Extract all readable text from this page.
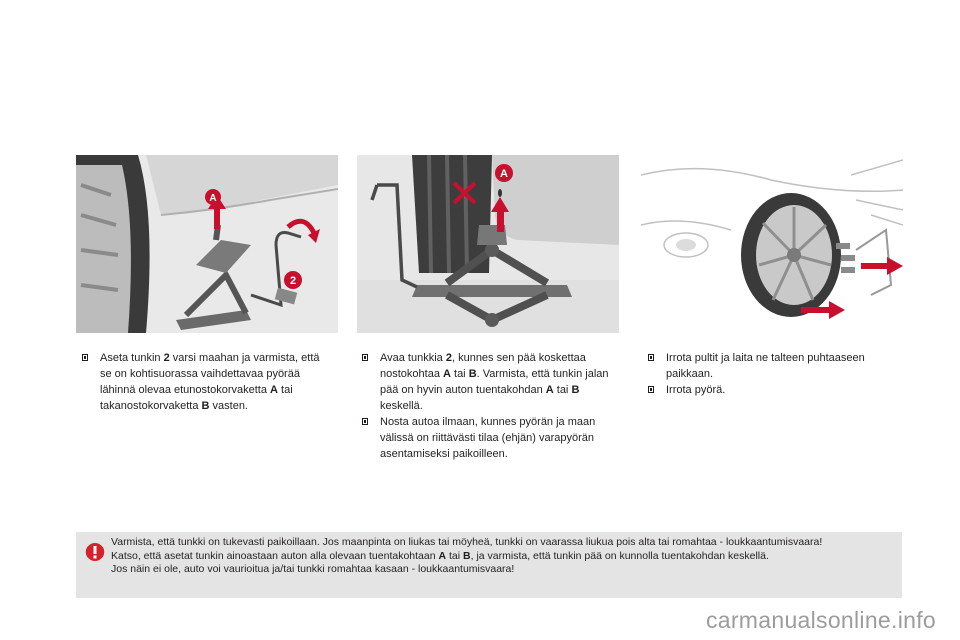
A
2
A

Aseta tunkin 2 varsi maahan ja varmista, että se on kohtisuorassa vaihdettavaa pyörää lähinnä olevaa etunostokorvaketta A tai takanostokorvaketta B vasten.

Avaa tunkkia 2, kunnes sen pää koskettaa nostokohtaa A tai B. Varmista, että tunkin jalan pää on hyvin auton tuentakohdan A tai B keskellä.

Nosta autoa ilmaan, kunnes pyörän ja maan välissä on riittävästi tilaa (ehjän) varapyörän asentamiseksi paikoilleen.

Irrota pultit ja laita ne talteen puhtaaseen paikkaan.

Irrota pyörä.

Varmista, että tunkki on tukevasti paikoillaan. Jos maanpinta on liukas tai möyheä, tunkki on vaarassa liukua pois alta tai romahtaa - loukkaantumisvaara!
Katso, että asetat tunkin ainoastaan auton alla olevaan tuentakohtaan A tai B, ja varmista, että tunkin pää on kunnolla tuentakohdan keskellä.
Jos näin ei ole, auto voi vaurioitua ja/tai tunkki romahtaa kasaan - loukkaantumisvaara!

carmanualsonline.info
